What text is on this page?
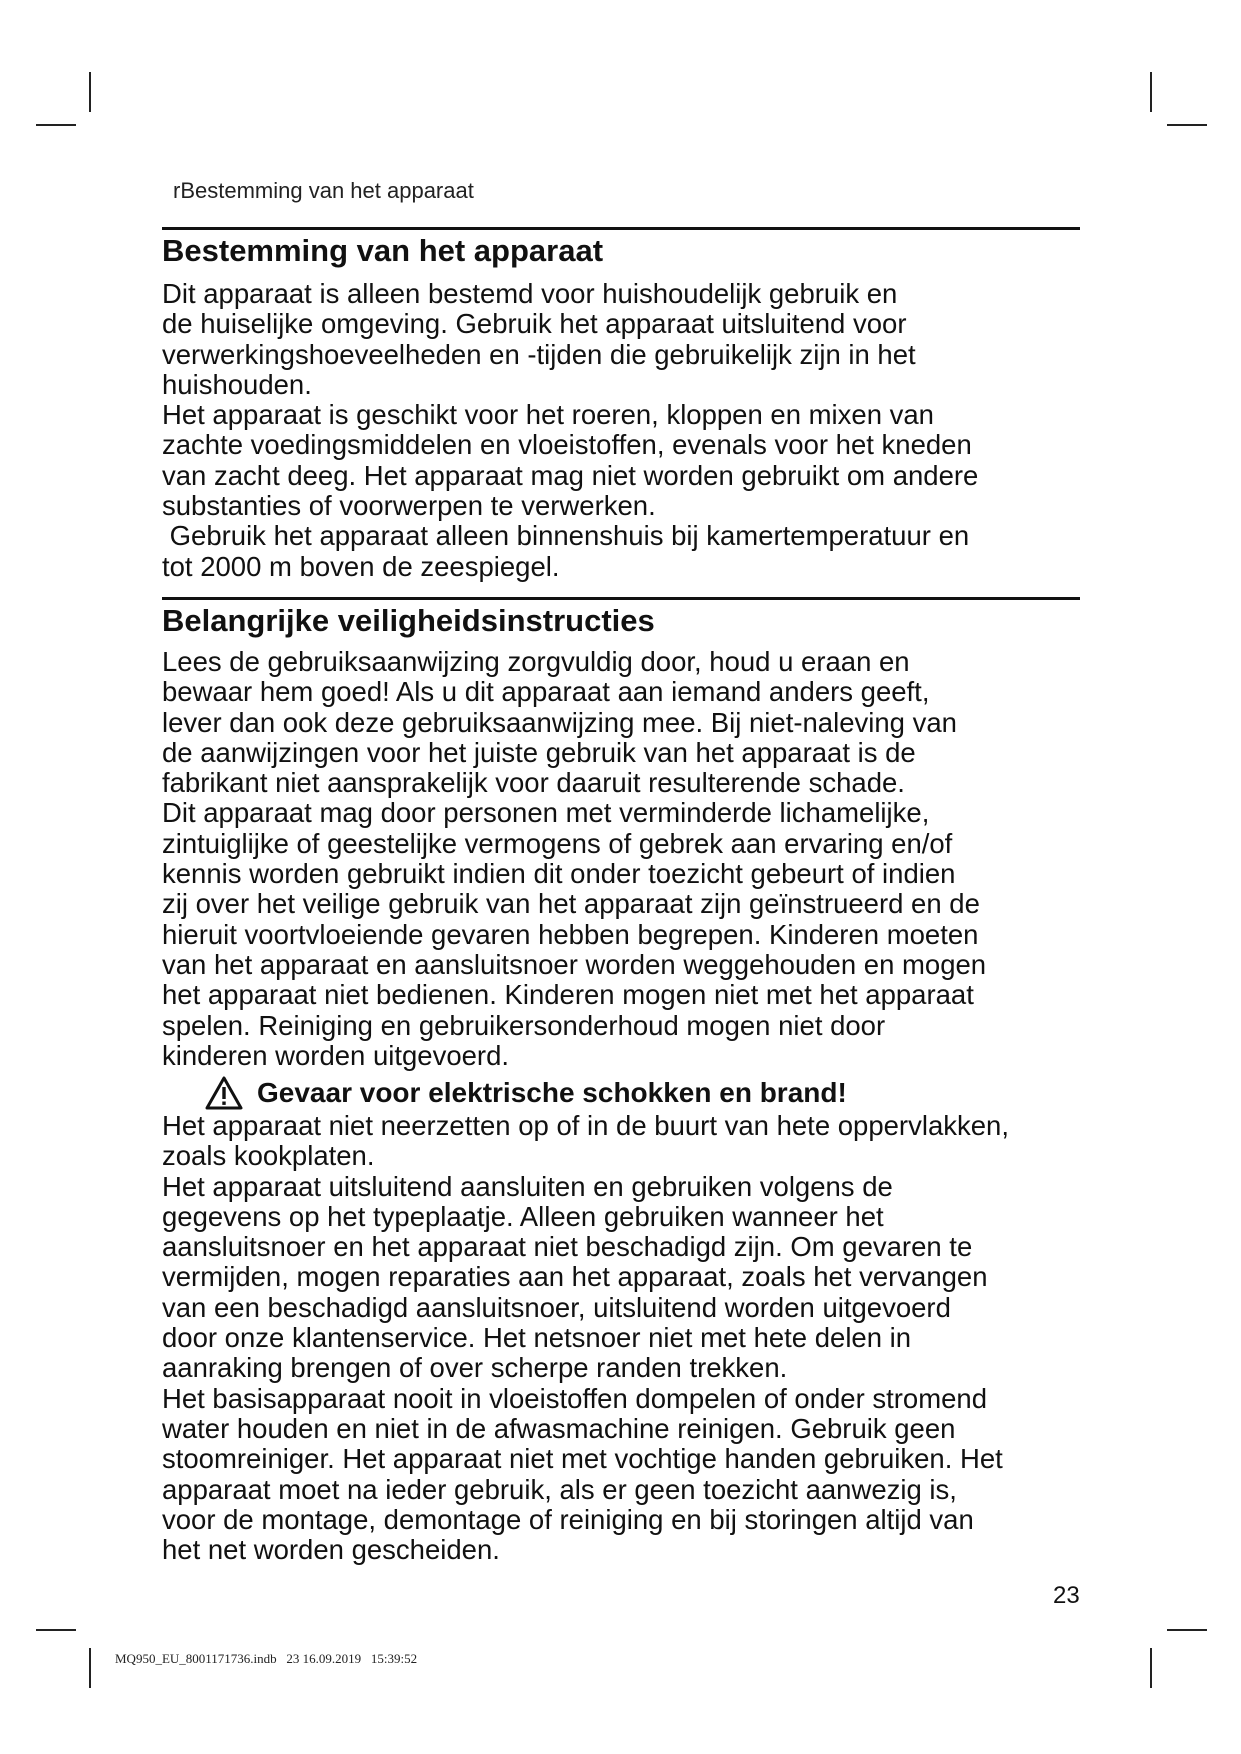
rBestemming van het apparaat
Bestemming van het apparaat

Dit apparaat is alleen bestemd voor huishoudelijk gebruik en

de huiselijke omgeving. Gebruik het apparaat uitsluitend voor

verwerkingshoeveelheden en -tijden die gebruikelijk zijn in het

huishouden.

Het apparaat is geschikt voor het roeren, kloppen en mixen van

zachte voedingsmiddelen en vloeistoffen, evenals voor het kneden

van zacht deeg. Het apparaat mag niet worden gebruikt om andere

substanties of voorwerpen te verwerken.

Gebruik het apparaat alleen binnenshuis bij kamertemperatuur en

tot 2000 m boven de zeespiegel.

Belangrijke veiligheidsinstructies

Lees de gebruiksaanwijzing zorgvuldig door, houd u eraan en

bewaar hem goed! Als u dit apparaat aan iemand anders geeft,

lever dan ook deze gebruiksaanwijzing mee. Bij niet-naleving van

de aanwijzingen voor het juiste gebruik van het apparaat is de

fabrikant niet aansprakelijk voor daaruit resulterende schade.

Dit apparaat mag door personen met verminderde lichamelijke,

zintuiglijke of geestelijke vermogens of gebrek aan ervaring en/of

kennis worden gebruikt indien dit onder toezicht gebeurt of indien

zij over het veilige gebruik van het apparaat zijn geïnstrueerd en de

hieruit voortvloeiende gevaren hebben begrepen. Kinderen moeten

van het apparaat en aansluitsnoer worden weggehouden en mogen

het apparaat niet bedienen. Kinderen mogen niet met het apparaat

spelen. Reiniging en gebruikersonderhoud mogen niet door

kinderen worden uitgevoerd.

Gevaar voor elektrische schokken en brand!

Het apparaat niet neerzetten op of in de buurt van hete oppervlakken,

zoals kookplaten.

Het apparaat uitsluitend aansluiten en gebruiken volgens de

gegevens op het typeplaatje. Alleen gebruiken wanneer het

aansluitsnoer en het apparaat niet beschadigd zijn. Om gevaren te

vermijden, mogen reparaties aan het apparaat, zoals het vervangen

van een beschadigd aansluitsnoer, uitsluitend worden uitgevoerd

door onze klantenservice. Het netsnoer niet met hete delen in

aanraking brengen of over scherpe randen trekken.

Het basisapparaat nooit in vloeistoffen dompelen of onder stromend

water houden en niet in de afwasmachine reinigen. Gebruik geen

stoomreiniger. Het apparaat niet met vochtige handen gebruiken. Het

apparaat moet na ieder gebruik, als er geen toezicht aanwezig is,

voor de montage, demontage of reiniging en bij storingen altijd van

het net worden gescheiden.

23
MQ950_EU_8001171736.indb   23 16.09.2019   15:39:52
